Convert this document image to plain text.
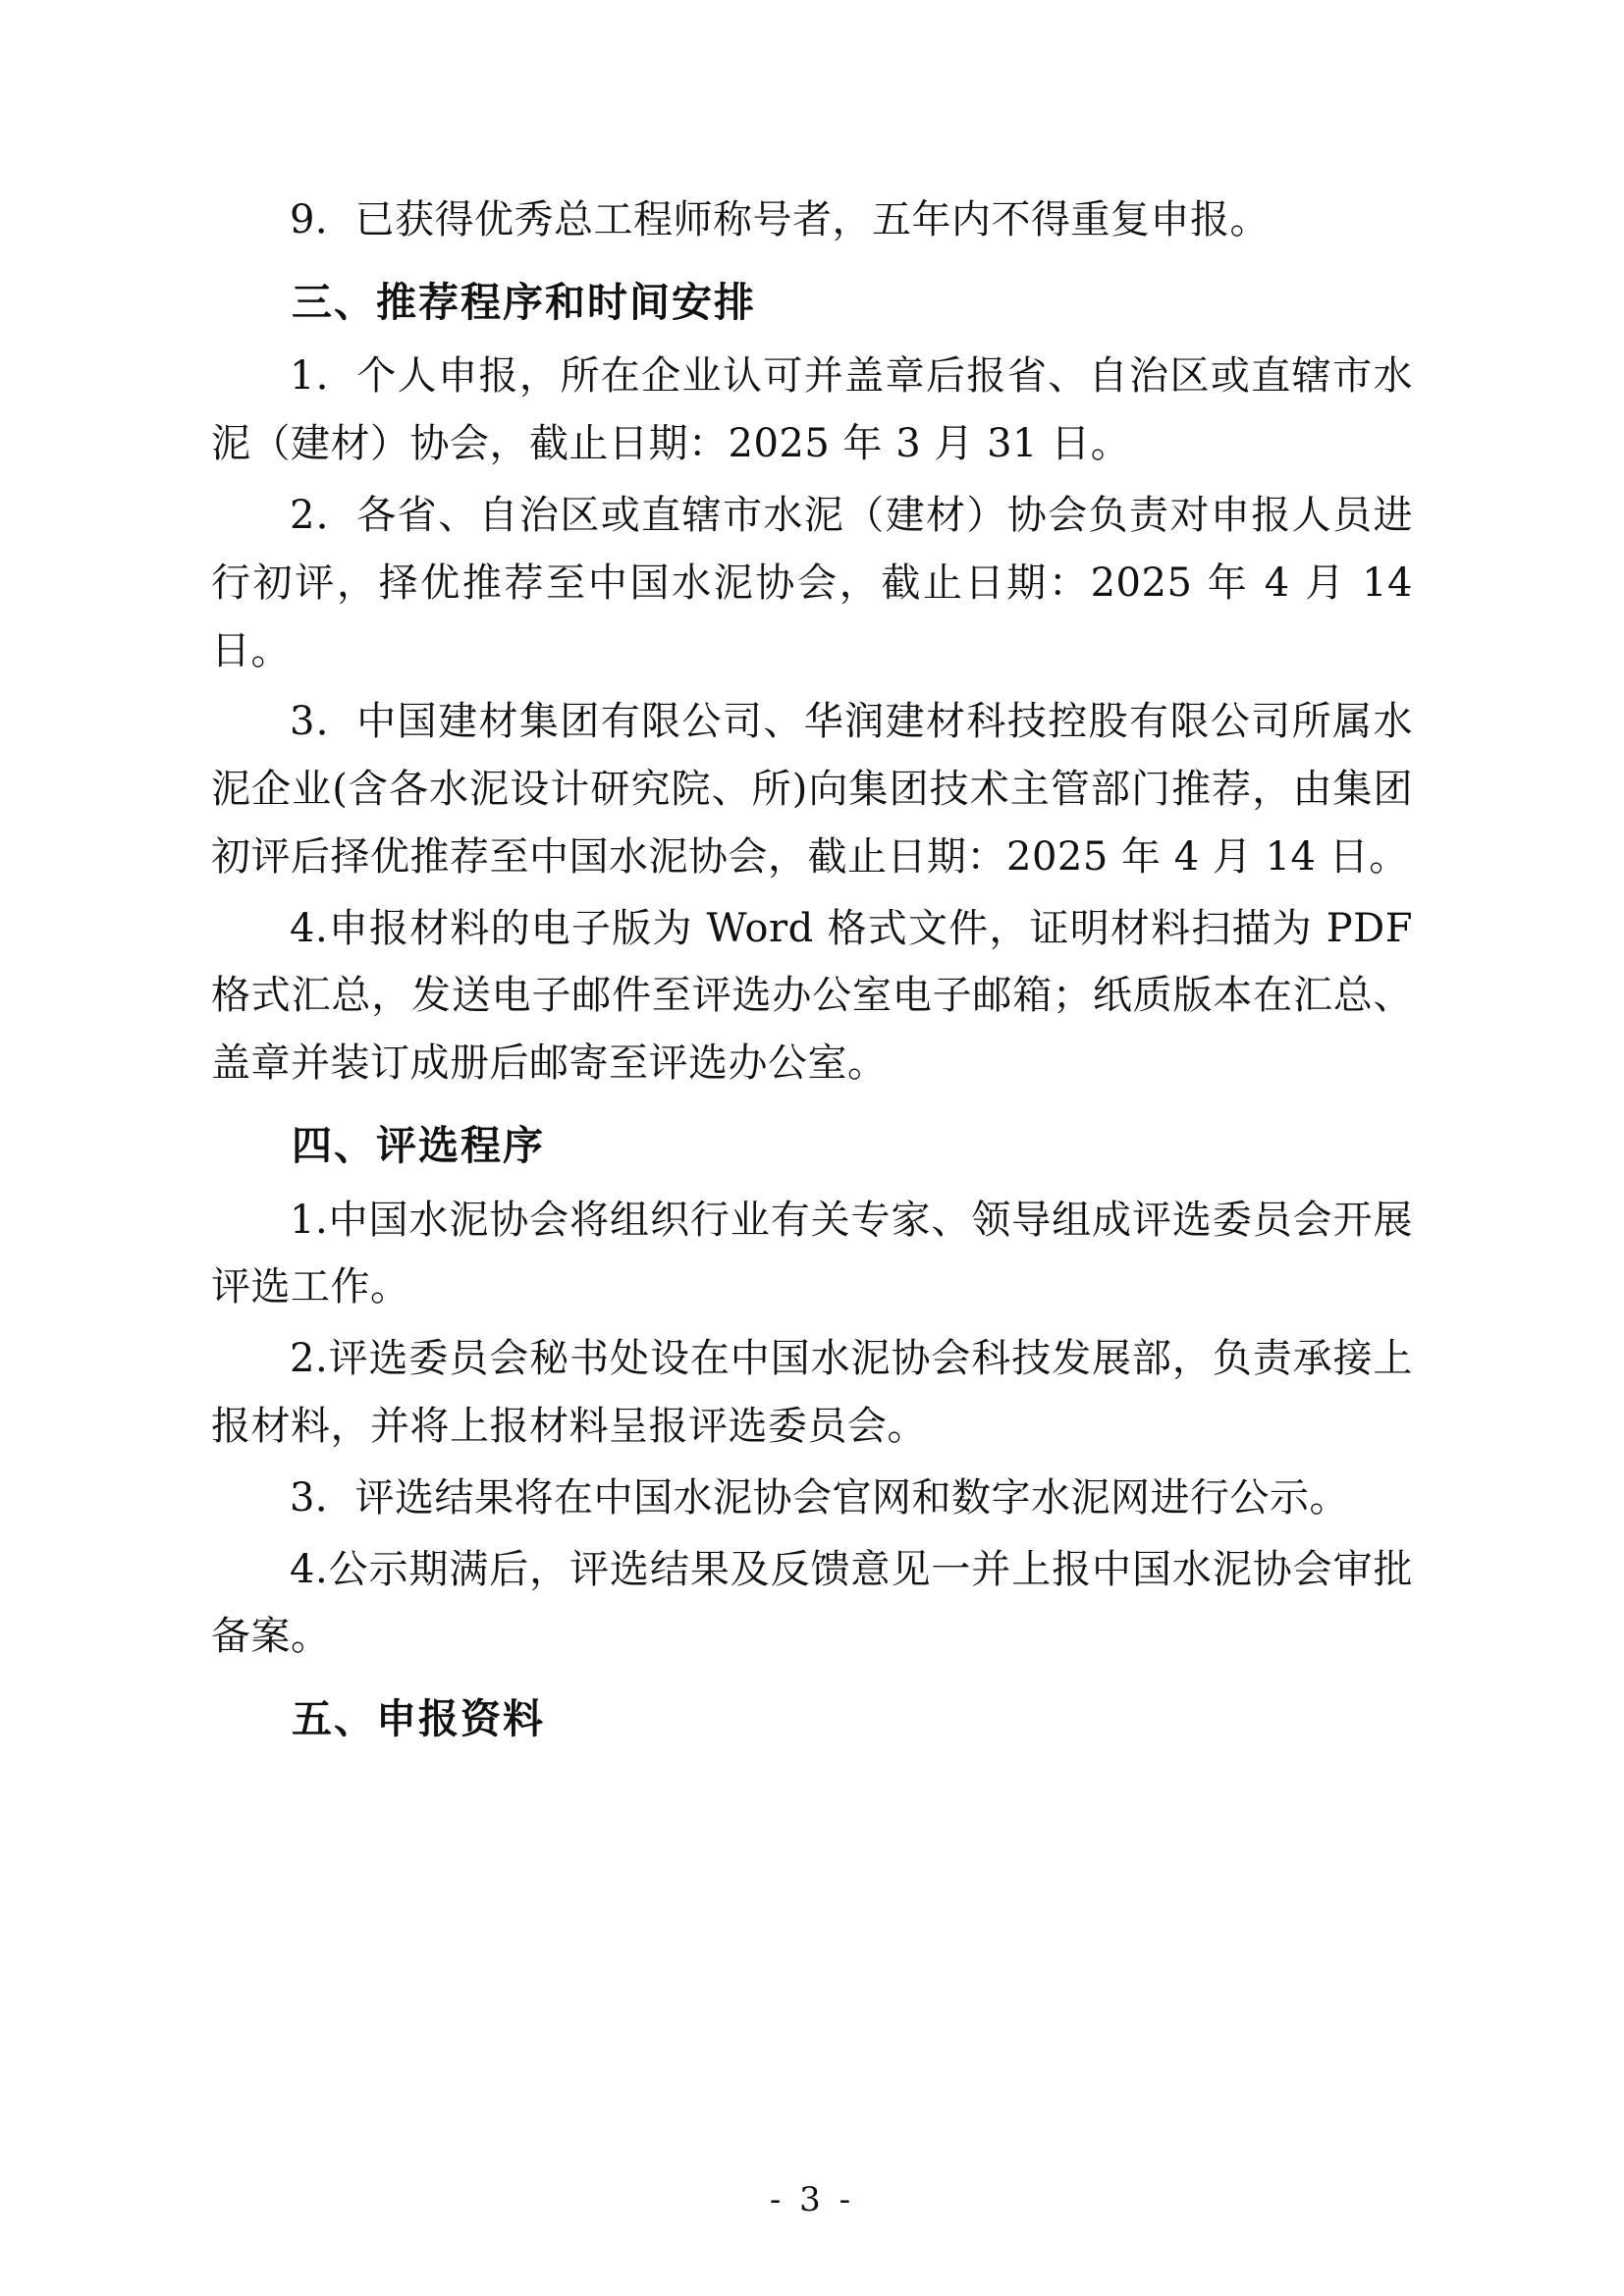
9．已获得优秀总工程师称号者，五年内不得重复申报。

三、推荐程序和时间安排

1．个人申报，所在企业认可并盖章后报省、自治区或直辖市水泥（建材）协会，截止日期：2025 年 3 月 31 日。

2．各省、自治区或直辖市水泥（建材）协会负责对申报人员进行初评，择优推荐至中国水泥协会，截止日期：2025 年 4 月 14 日。

3．中国建材集团有限公司、华润建材科技控股有限公司所属水泥企业(含各水泥设计研究院、所)向集团技术主管部门推荐，由集团初评后择优推荐至中国水泥协会，截止日期：2025 年 4 月 14 日。

4.申报材料的电子版为 Word 格式文件，证明材料扫描为 PDF 格式汇总，发送电子邮件至评选办公室电子邮箱；纸质版本在汇总、盖章并装订成册后邮寄至评选办公室。

四、评选程序

1.中国水泥协会将组织行业有关专家、领导组成评选委员会开展评选工作。

2.评选委员会秘书处设在中国水泥协会科技发展部，负责承接上报材料，并将上报材料呈报评选委员会。

3．评选结果将在中国水泥协会官网和数字水泥网进行公示。

4.公示期满后，评选结果及反馈意见一并上报中国水泥协会审批备案。

五、申报资料

- 3 -
